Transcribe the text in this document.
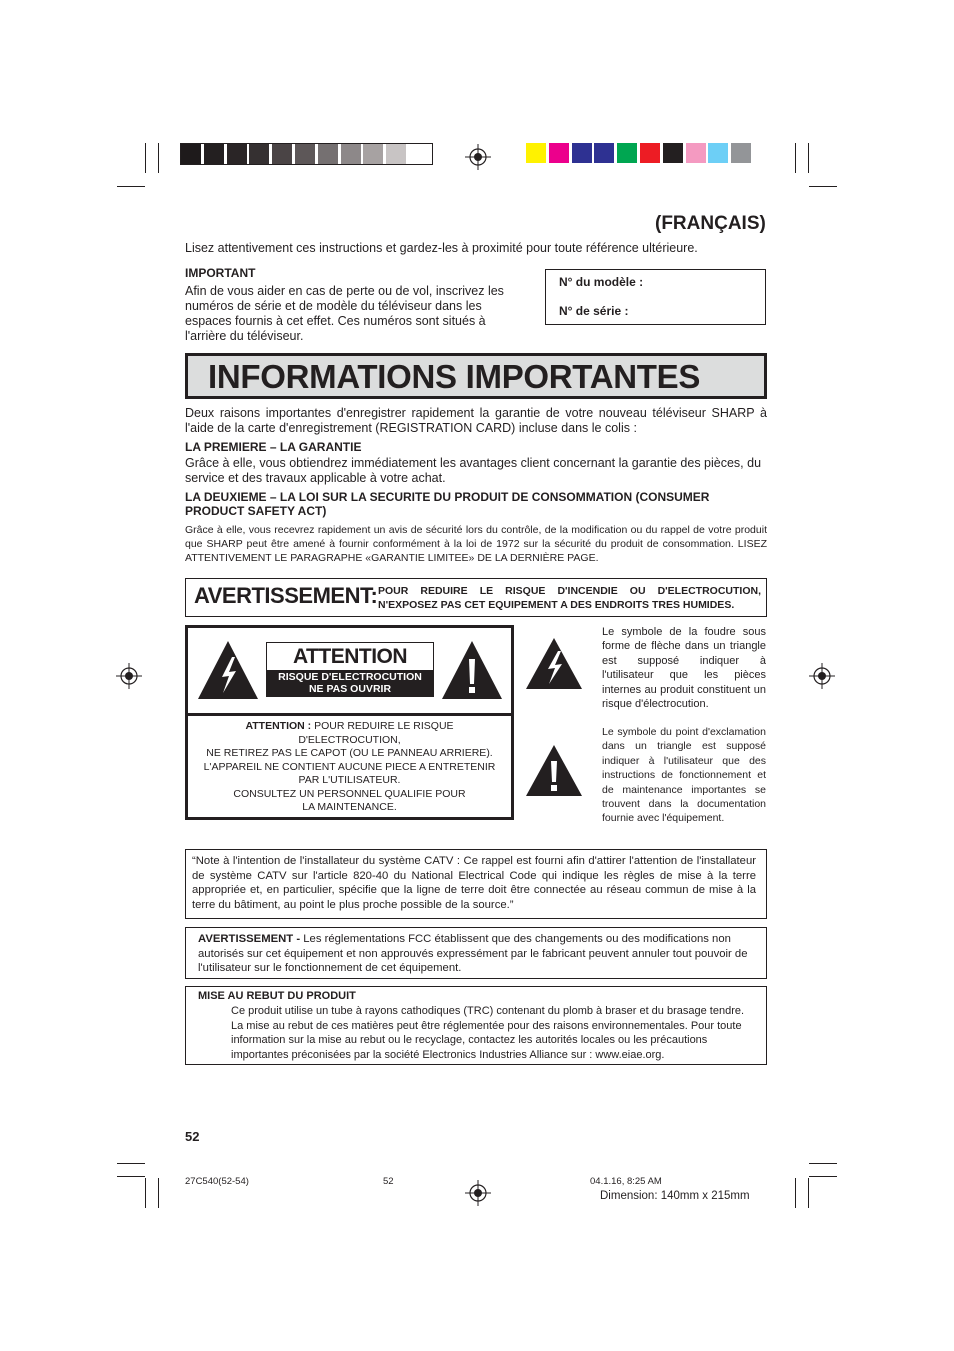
(FRANÇAIS)
Lisez attentivement ces instructions et gardez-les à proximité pour toute référence ultérieure.
IMPORTANT
Afin de vous aider en cas de perte ou de vol, inscrivez les numéros de série et de modèle du téléviseur dans les espaces fournis à cet effet. Ces numéros sont situés à l'arrière du téléviseur.
N° du modèle :
N° de série :
INFORMATIONS IMPORTANTES
Deux raisons importantes d'enregistrer rapidement la garantie de votre nouveau téléviseur SHARP à l'aide de la carte d'enregistrement (REGISTRATION CARD) incluse dans le colis :
LA PREMIERE – LA GARANTIE
Grâce à elle, vous obtiendrez immédiatement les avantages client concernant la garantie des pièces, du service et des travaux applicable à votre achat.
LA DEUXIEME – LA LOI SUR LA SECURITE DU PRODUIT DE CONSOMMATION (CONSUMER PRODUCT SAFETY ACT)
Grâce à elle, vous recevrez rapidement un avis de sécurité lors du contrôle, de la modification ou du rappel de votre produit que SHARP peut être amené à fournir conformément à la loi de 1972 sur la sécurité du produit de consommation. LISEZ ATTENTIVEMENT LE PARAGRAPHE «GARANTIE LIMITEE» DE LA DERNIÈRE PAGE.
AVERTISSEMENT: POUR REDUIRE LE RISQUE D'INCENDIE OU D'ELECTROCUTION, N'EXPOSEZ PAS CET EQUIPEMENT A DES ENDROITS TRES HUMIDES.
ATTENTION
RISQUE D'ELECTROCUTION
NE PAS OUVRIR
ATTENTION : POUR REDUIRE LE RISQUE
D'ELECTROCUTION,
NE RETIREZ PAS LE CAPOT (OU LE PANNEAU ARRIERE).
L'APPAREIL NE CONTIENT AUCUNE PIECE A ENTRETENIR
PAR L'UTILISATEUR.
CONSULTEZ UN PERSONNEL QUALIFIE POUR
LA MAINTENANCE.
Le symbole de la foudre sous forme de flèche dans un triangle est supposé indiquer à l'utilisateur que les pièces internes au produit constituent un risque d'électrocution.
Le symbole du point d'exclamation dans un triangle est supposé indiquer à l'utilisateur que des instructions de fonctionnement et de maintenance importantes se trouvent dans la documentation fournie avec l'équipement.
“Note à l'intention de l'installateur du système CATV : Ce rappel est fourni afin d'attirer l'attention de l'installateur de système CATV sur l'article 820-40 du National Electrical Code qui indique les règles de mise à la terre appropriée et, en particulier, spécifie que la ligne de terre doit être connectée au réseau commun de mise à la terre du bâtiment, au point le plus proche possible de la source.”
AVERTISSEMENT - Les réglementations FCC établissent que des changements ou des modifications non autorisés sur cet équipement et non approuvés expressément par le fabricant peuvent annuler tout pouvoir de l'utilisateur sur le fonctionnement de cet équipement.
MISE AU REBUT DU PRODUIT
Ce produit utilise un tube à rayons cathodiques (TRC) contenant du plomb à braser et du brasage tendre. La mise au rebut de ces matières peut être réglementée pour des raisons environnementales. Pour toute information sur la mise au rebut ou le recyclage, contactez les autorités locales ou les précautions importantes préconisées par la société Electronics Industries Alliance sur : www.eiae.org.
52
27C540(52-54)	52	04.1.16, 8:25 AM
Dimension: 140mm x 215mm
